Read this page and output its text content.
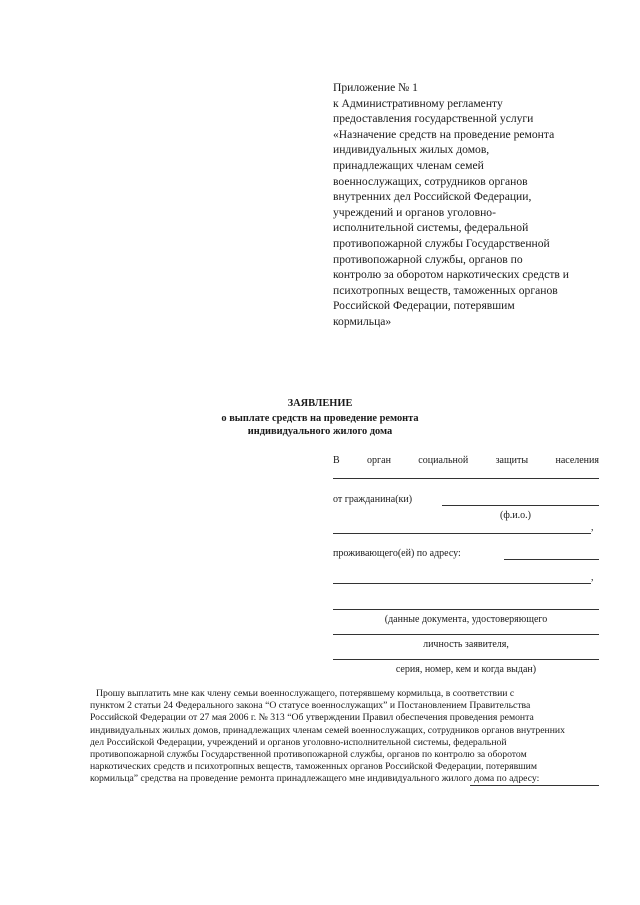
Приложение № 1
к Административному регламенту
предоставления государственной услуги
«Назначение средств на проведение ремонта
индивидуальных жилых домов,
принадлежащих членам семей
военнослужащих, сотрудников органов
внутренних дел Российской Федерации,
учреждений и органов уголовно-
исполнительной системы, федеральной
противопожарной службы Государственной
противопожарной службы, органов по
контролю за оборотом наркотических средств и
психотропных веществ, таможенных органов
Российской Федерации, потерявшим
кормильца»
ЗАЯВЛЕНИЕ
о выплате средств на проведение ремонта
индивидуального жилого дома
В	орган	социальной	защиты	населения
от гражданина(ки)
(ф.и.о.)
,
проживающего(ей) по адресу:
,
(данные документа, удостоверяющего
личность заявителя,
серия, номер, кем и когда выдан)
Прошу выплатить мне как члену семьи военнослужащего, потерявшему кормильца, в соответствии с
пунктом 2 статьи 24 Федерального закона “О статусе военнослужащих” и Постановлением Правительства
Российской Федерации от 27 мая 2006 г. № 313 “Об утверждении Правил обеспечения проведения ремонта
индивидуальных жилых домов, принадлежащих членам семей военнослужащих, сотрудников органов внутренних
дел Российской Федерации, учреждений и органов уголовно-исполнительной системы, федеральной
противопожарной службы Государственной противопожарной службы, органов по контролю за оборотом
наркотических средств и психотропных веществ, таможенных органов Российской Федерации, потерявшим
кормильца” средства на проведение ремонта принадлежащего мне индивидуального жилого дома по адресу:
